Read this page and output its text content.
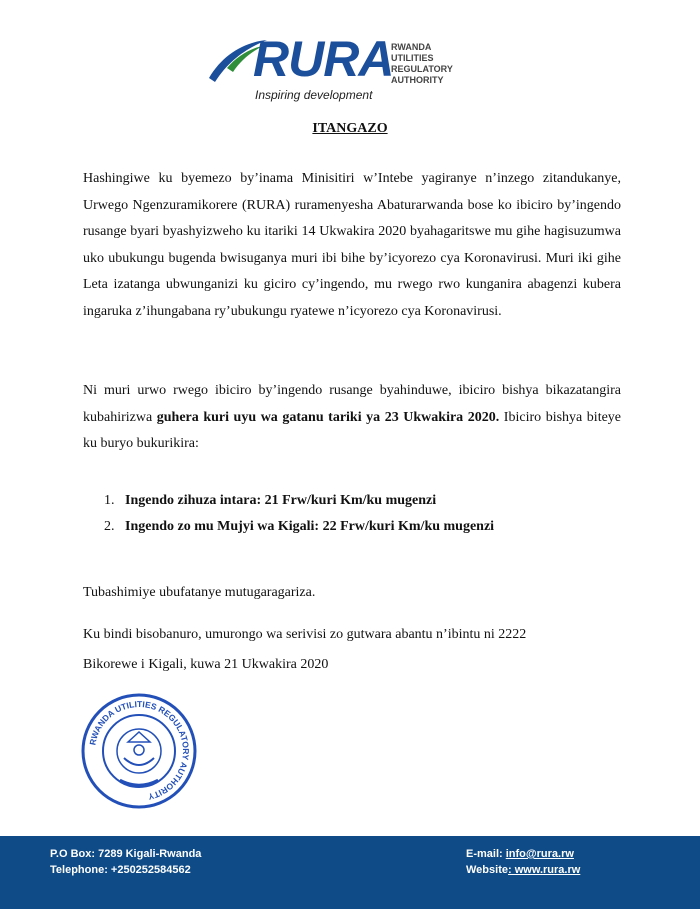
RURA
RWANDA
UTILITIES
REGULATORY
AUTHORITY
Inspiring development
ITANGAZO

Hashingiwe ku byemezo by’inama Minisitiri w’Intebe yagiranye n’inzego zitandukanye, Urwego Ngenzuramikorere (RURA) ruramenyesha Abaturarwanda bose ko ibiciro by’ingendo rusange byari byashyizweho ku itariki 14 Ukwakira 2020 byahagaritswe mu gihe hagisuzumwa uko ubukungu bugenda bwisuganya muri ibi bihe by’icyorezo cya Koronavirusi. Muri iki gihe Leta izatanga ubwunganizi ku giciro cy’ingendo, mu rwego rwo kunganira abagenzi kubera ingaruka z’ihungabana ry’ubukungu ryatewe n’icyorezo cya Koronavirusi.

Ni muri urwo rwego ibiciro by’ingendo rusange byahinduwe, ibiciro bishya bikazatangira kubahirizwa guhera kuri uyu wa gatanu tariki ya 23 Ukwakira 2020. Ibiciro bishya biteye ku buryo bukurikira:

1. Ingendo zihuza intara: 21 Frw/kuri Km/ku mugenzi
2. Ingendo zo mu Mujyi wa Kigali: 22 Frw/kuri Km/ku mugenzi
Tubashimiye ubufatanye mutugaragariza.
Ku bindi bisobanuro, umurongo wa serivisi zo gutwara abantu n’ibintu ni 2222
Bikorewe i Kigali, kuwa 21 Ukwakira 2020
RWANDA UTILITIES REGULATORY AUTHORITY
P.O Box: 7289 Kigali-Rwanda
Telephone: +250252584562
E-mail: info@rura.rw
Website: www.rura.rw
